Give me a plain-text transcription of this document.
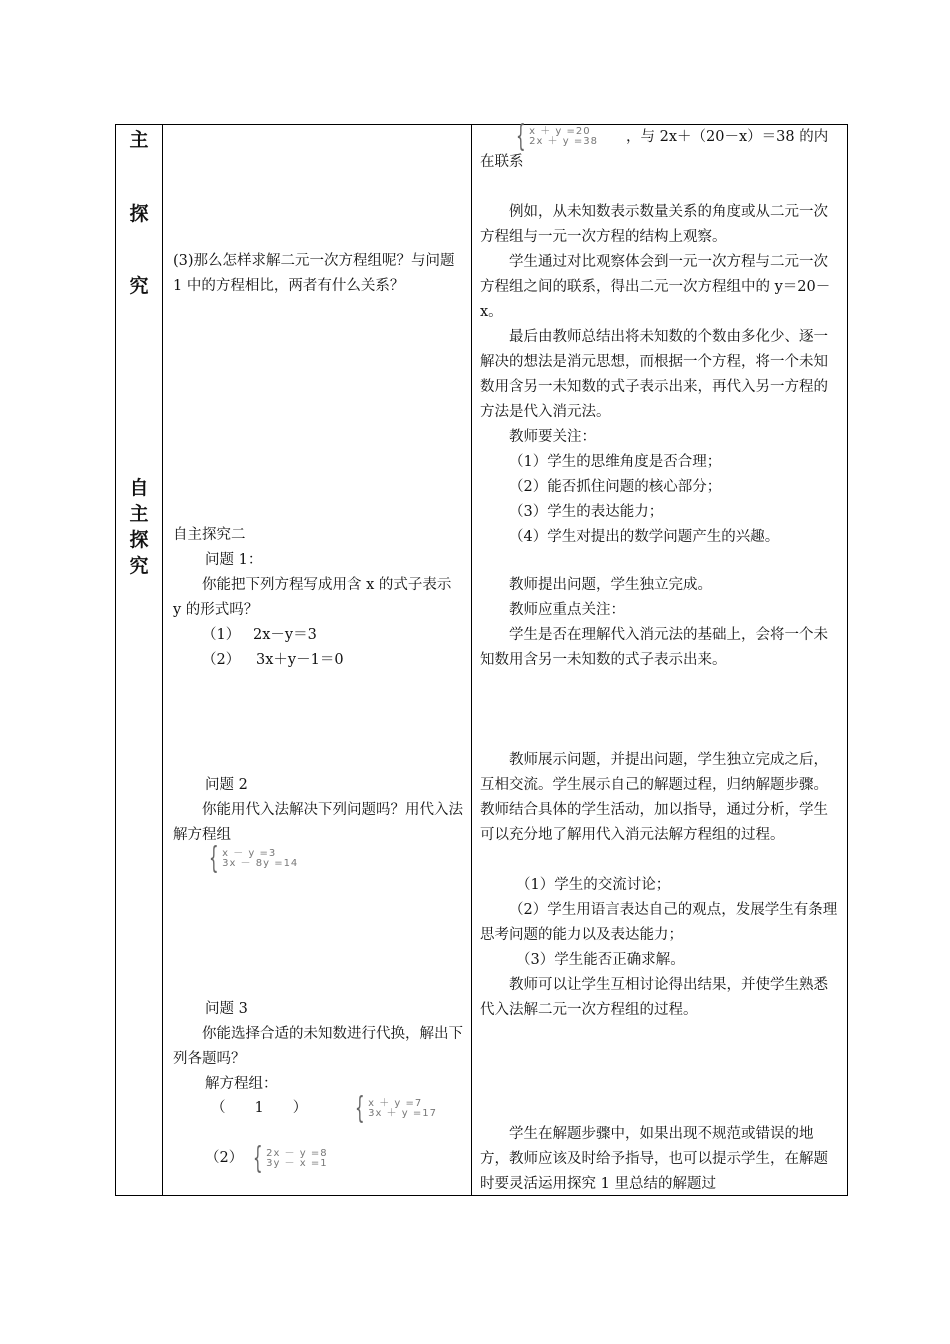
主
探
究
自
主
探
究
(3)那么怎样求解二元一次方程组呢？与问题 1 中的方程相比，两者有什么关系？
自主探究二
问题 1：
你能把下列方程写成用含 x 的式子表示 y 的形式吗？
（1） 2x－y＝3
（2） 3x＋y－1＝0
问题 2
你能用代入法解决下列问题吗？用代入法解方程组
{ x － y =3
3x － 8y =14
问题 3
你能选择合适的未知数进行代换，解出下列各题吗？
解方程组：
（　　1　　） { x ＋ y =7
3x ＋ y =17
（2） { 2x － y =8
3y － x =1
{ x ＋ y =20
2x ＋ y =38 ，与 2x＋（20－x）＝38 的内
在联系
例如，从未知数表示数量关系的角度或从二元一次方程组与一元一次方程的结构上观察。
学生通过对比观察体会到一元一次方程与二元一次方程组之间的联系，得出二元一次方程组中的 y＝20－x。
最后由教师总结出将未知数的个数由多化少、逐一解决的想法是消元思想，而根据一个方程，将一个未知数用含另一未知数的式子表示出来，再代入另一方程的方法是代入消元法。
教师要关注：
（1）学生的思维角度是否合理；
（2）能否抓住问题的核心部分；
（3）学生的表达能力；
（4）学生对提出的数学问题产生的兴趣。
教师提出问题，学生独立完成。
教师应重点关注：
学生是否在理解代入消元法的基础上，会将一个未知数用含另一未知数的式子表示出来。
教师展示问题，并提出问题，学生独立完成之后，互相交流。学生展示自己的解题过程，归纳解题步骤。教师结合具体的学生活动，加以指导，通过分析，学生可以充分地了解用代入消元法解方程组的过程。
（1）学生的交流讨论；
（2）学生用语言表达自己的观点，发展学生有条理思考问题的能力以及表达能力；
（3）学生能否正确求解。
教师可以让学生互相讨论得出结果，并使学生熟悉代入法解二元一次方程组的过程。
学生在解题步骤中，如果出现不规范或错误的地方，教师应该及时给予指导，也可以提示学生，在解题时要灵活运用探究 1 里总结的解题过
